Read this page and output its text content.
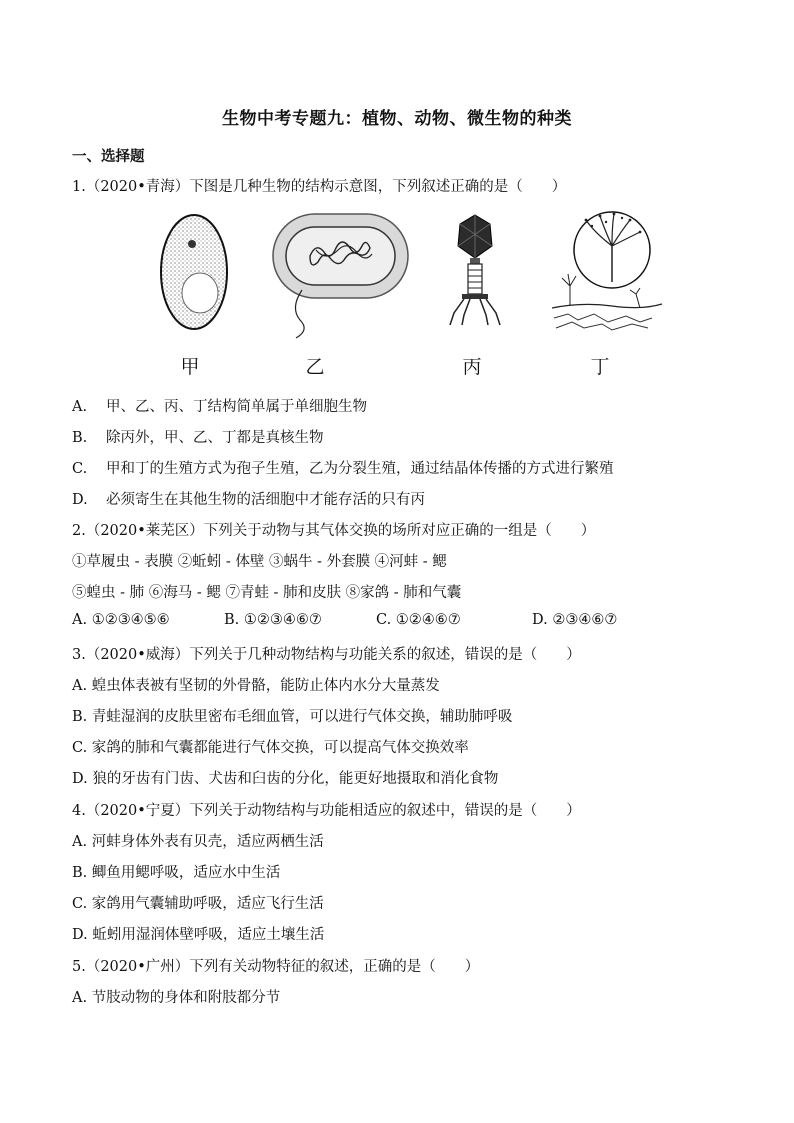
生物中考专题九：植物、动物、微生物的种类
一、选择题
1.（2020•青海）下图是几种生物的结构示意图，下列叙述正确的是（　　）
甲	乙	丙	丁
A. 甲、乙、丙、丁结构简单属于单细胞生物
B. 除丙外，甲、乙、丁都是真核生物
C. 甲和丁的生殖方式为孢子生殖，乙为分裂生殖，通过结晶体传播的方式进行繁殖
D. 必须寄生在其他生物的活细胞中才能存活的只有丙
2.（2020•莱芜区）下列关于动物与其气体交换的场所对应正确的一组是（　　）
①草履虫 - 表膜 ②蚯蚓 - 体壁 ③蜗牛 - 外套膜 ④河蚌 - 鳃
⑤蝗虫 - 肺 ⑥海马 - 鳃 ⑦青蛙 - 肺和皮肤 ⑧家鸽 - 肺和气囊
A. ①②③④⑤⑥	B. ①②③④⑥⑦	C. ①②④⑥⑦	D. ②③④⑥⑦
3.（2020•威海）下列关于几种动物结构与功能关系的叙述，错误的是（　　）
A. 蝗虫体表被有坚韧的外骨骼，能防止体内水分大量蒸发
B. 青蛙湿润的皮肤里密布毛细血管，可以进行气体交换，辅助肺呼吸
C. 家鸽的肺和气囊都能进行气体交换，可以提高气体交换效率
D. 狼的牙齿有门齿、犬齿和臼齿的分化，能更好地摄取和消化食物
4.（2020•宁夏）下列关于动物结构与功能相适应的叙述中，错误的是（　　）
A. 河蚌身体外表有贝壳，适应两栖生活
B. 鲫鱼用鳃呼吸，适应水中生活
C. 家鸽用气囊辅助呼吸，适应飞行生活
D. 蚯蚓用湿润体壁呼吸，适应土壤生活
5.（2020•广州）下列有关动物特征的叙述，正确的是（　　）
A. 节肢动物的身体和附肢都分节
